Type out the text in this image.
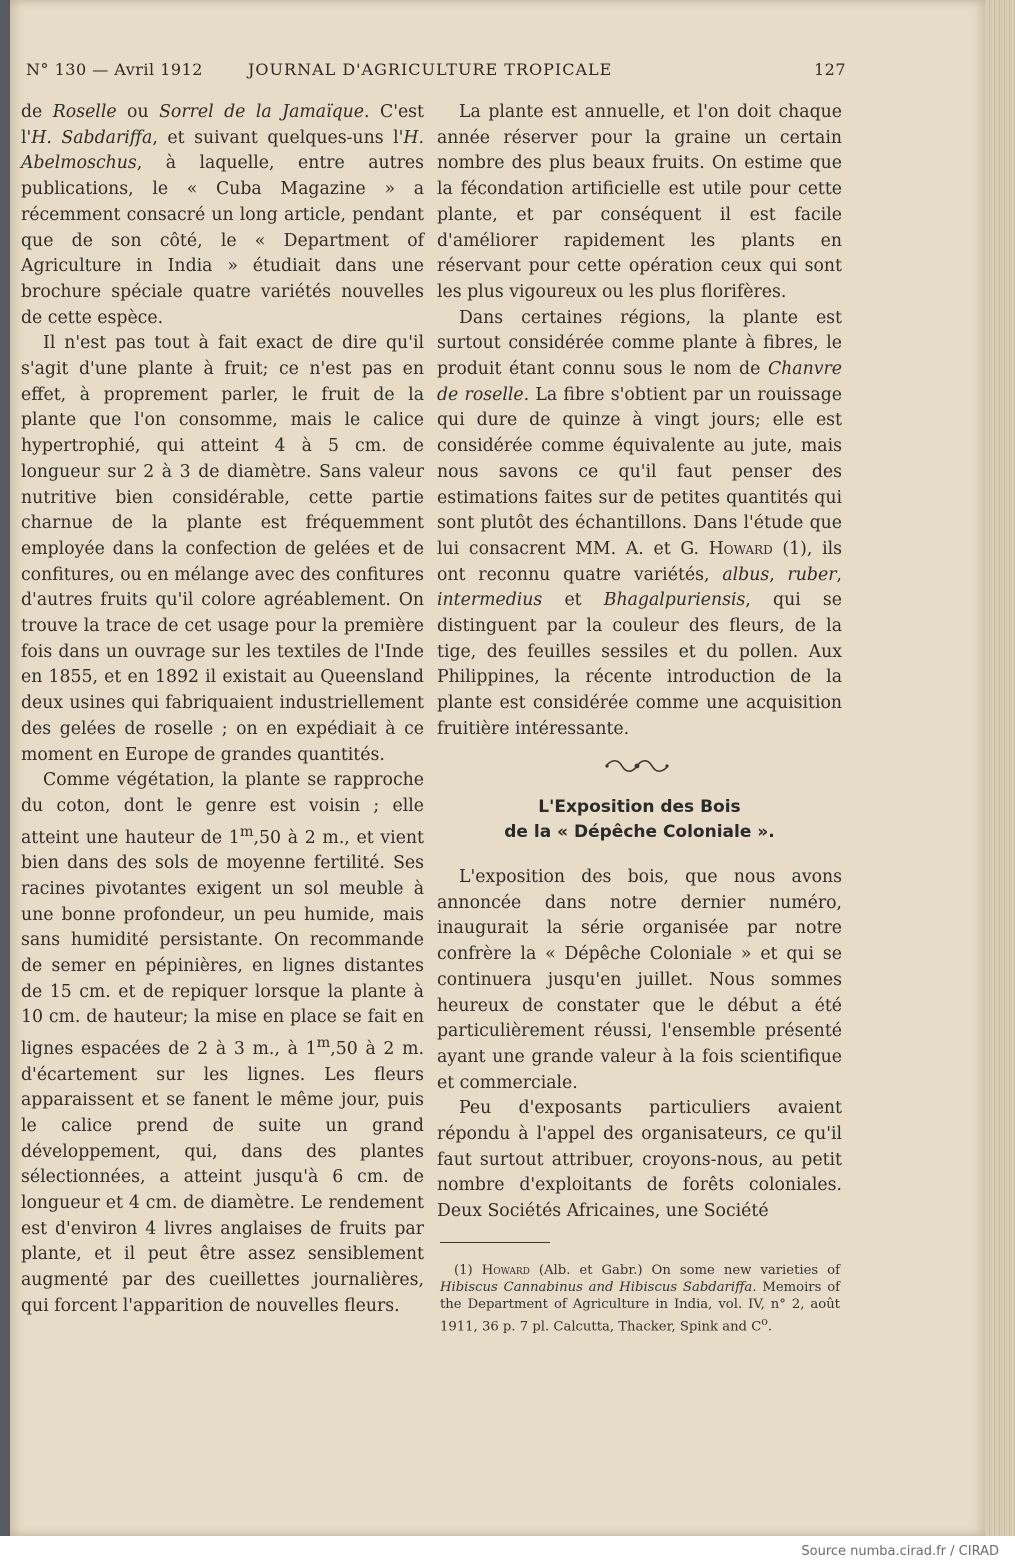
N° 130 — Avril 1912	JOURNAL D'AGRICULTURE TROPICALE	127

de Roselle ou Sorrel de la Jamaïque. C'est l'H. Sabdariffa, et suivant quelques-uns l'H. Abelmoschus, à laquelle, entre autres publications, le « Cuba Magazine » a récemment consacré un long article, pendant que de son côté, le « Department of Agriculture in India » étudiait dans une brochure spéciale quatre variétés nouvelles de cette espèce.

Il n'est pas tout à fait exact de dire qu'il s'agit d'une plante à fruit; ce n'est pas en effet, à proprement parler, le fruit de la plante que l'on consomme, mais le calice hypertrophié, qui atteint 4 à 5 cm. de longueur sur 2 à 3 de diamètre. Sans valeur nutritive bien considérable, cette partie charnue de la plante est fréquemment employée dans la confection de gelées et de confitures, ou en mélange avec des confitures d'autres fruits qu'il colore agréablement. On trouve la trace de cet usage pour la première fois dans un ouvrage sur les textiles de l'Inde en 1855, et en 1892 il existait au Queensland deux usines qui fabriquaient industriellement des gelées de roselle ; on en expédiait à ce moment en Europe de grandes quantités.

Comme végétation, la plante se rapproche du coton, dont le genre est voisin ; elle atteint une hauteur de 1$^m$,50 à 2 m., et vient bien dans des sols de moyenne fertilité. Ses racines pivotantes exigent un sol meuble à une bonne profondeur, un peu humide, mais sans humidité persistante. On recommande de semer en pépinières, en lignes distantes de 15 cm. et de repiquer lorsque la plante à 10 cm. de hauteur; la mise en place se fait en lignes espacées de 2 à 3 m., à 1$^m$,50 à 2 m. d'écartement sur les lignes. Les fleurs apparaissent et se fanent le même jour, puis le calice prend de suite un grand développement, qui, dans des plantes sélectionnées, a atteint jusqu'à 6 cm. de longueur et 4 cm. de diamètre. Le rendement est d'environ 4 livres anglaises de fruits par plante, et il peut être assez sensiblement augmenté par des cueillettes journalières, qui forcent l'apparition de nouvelles fleurs.

La plante est annuelle, et l'on doit chaque année réserver pour la graine un certain nombre des plus beaux fruits. On estime que la fécondation artificielle est utile pour cette plante, et par conséquent il est facile d'améliorer rapidement les plants en réservant pour cette opération ceux qui sont les plus vigoureux ou les plus florifères.

Dans certaines régions, la plante est surtout considérée comme plante à fibres, le produit étant connu sous le nom de Chanvre de roselle. La fibre s'obtient par un rouissage qui dure de quinze à vingt jours; elle est considérée comme équivalente au jute, mais nous savons ce qu'il faut penser des estimations faites sur de petites quantités qui sont plutôt des échantillons. Dans l'étude que lui consacrent MM. A. et G. Howard (1), ils ont reconnu quatre variétés, albus, ruber, intermedius et Bhagalpuriensis, qui se distinguent par la couleur des fleurs, de la tige, des feuilles sessiles et du pollen. Aux Philippines, la récente introduction de la plante est considérée comme une acquisition fruitière intéressante.

L'Exposition des Bois
de la « Dépêche Coloniale ».

L'exposition des bois, que nous avons annoncée dans notre dernier numéro, inaugurait la série organisée par notre confrère la « Dépêche Coloniale » et qui se continuera jusqu'en juillet. Nous sommes heureux de constater que le début a été particulièrement réussi, l'ensemble présenté ayant une grande valeur à la fois scientifique et commerciale.

Peu d'exposants particuliers avaient répondu à l'appel des organisateurs, ce qu'il faut surtout attribuer, croyons-nous, au petit nombre d'exploitants de forêts coloniales. Deux Sociétés Africaines, une Société

(1) Howard (Alb. et Gabr.) On some new varieties of Hibiscus Cannabinus and Hibiscus Sabdariffa. Memoirs of the Department of Agriculture in India, vol. IV, n° 2, août 1911, 36 p. 7 pl. Calcutta, Thacker, Spink and $C^o$.

Source numba.cirad.fr / CIRAD
